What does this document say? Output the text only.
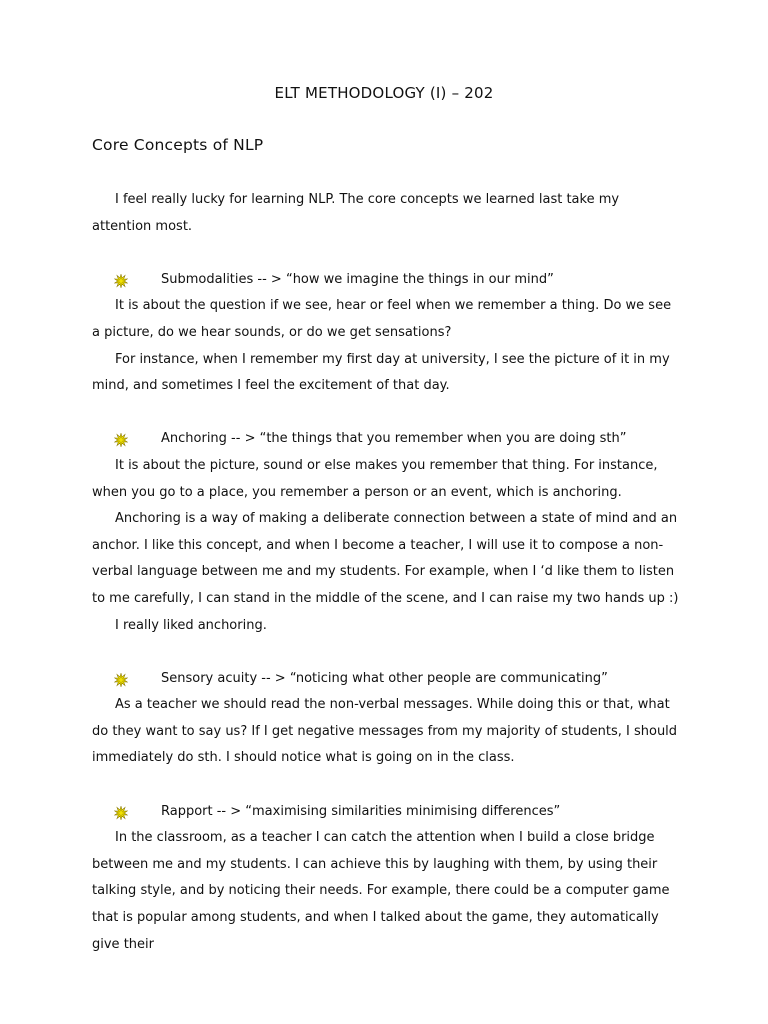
ELT METHODOLOGY (I) – 202
Core Concepts of NLP

I feel really lucky for learning NLP. The core concepts we learned last take my attention most.

Submodalities -- > “how we imagine the things in our mind”

It is about the question if we see, hear or feel when we remember a thing. Do we see a picture, do we hear sounds, or do we get sensations?

For instance, when I remember my first day at university, I see the picture of it in my mind, and sometimes I feel the excitement of that day.

Anchoring -- > “the things that you remember when you are doing sth”

It is about the picture, sound or else makes you remember that thing. For instance, when you go to a place, you remember a person or an event, which is anchoring.

Anchoring is a way of making a deliberate connection between a state of mind and an anchor. I like this concept, and when I become a teacher, I will use it to compose a non-verbal language between me and my students. For example, when I ‘d like them to listen to me carefully, I can stand in the middle of the scene, and I can raise my two hands up :)

I really liked anchoring.

Sensory acuity -- > “noticing what other people are communicating”

As a teacher we should read the non-verbal messages. While doing this or that, what do they want to say us? If I get negative messages from my majority of students, I should immediately do sth. I should notice what is going on in the class.

Rapport -- > “maximising similarities minimising differences”

In the classroom, as a teacher I can catch the attention when I build a close bridge between me and my students. I can achieve this by laughing with them, by using their talking style, and by noticing their needs. For example, there could be a computer game that is popular among students, and when I talked about the game, they automatically give their
